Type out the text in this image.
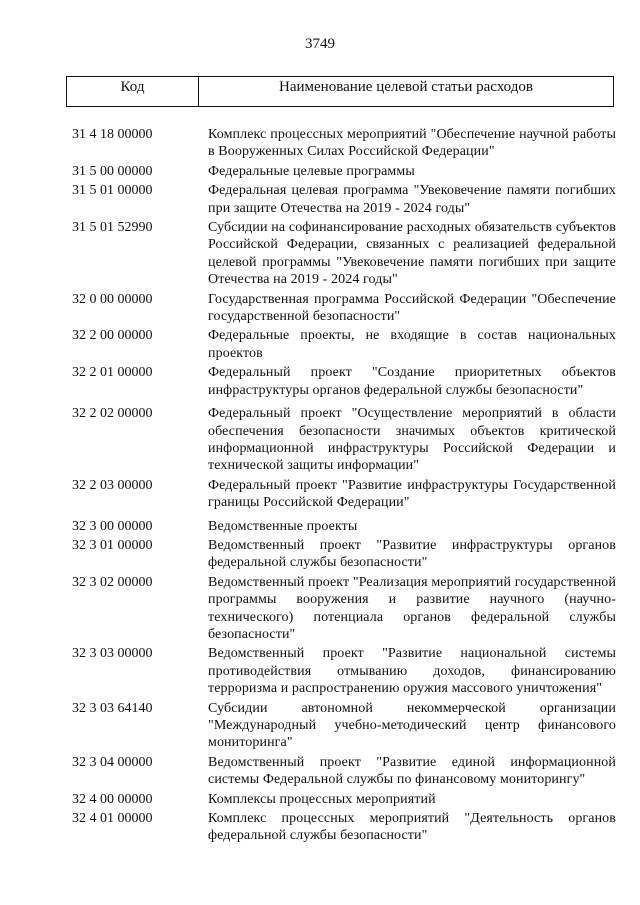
3749
Код	Наименование целевой статьи расходов
31 4 18 00000	Комплекс процессных мероприятий "Обеспечение научной работы в Вооруженных Силах Российской Федерации"
31 5 00 00000	Федеральные целевые программы
31 5 01 00000	Федеральная целевая программа "Увековечение памяти погибших при защите Отечества на 2019 - 2024 годы"
31 5 01 52990	Субсидии на софинансирование расходных обязательств субъектов Российской Федерации, связанных с реализацией федеральной целевой программы "Увековечение памяти погибших при защите Отечества на 2019 - 2024 годы"
32 0 00 00000	Государственная программа Российской Федерации "Обеспечение государственной безопасности"
32 2 00 00000	Федеральные проекты, не входящие в состав национальных проектов
32 2 01 00000	Федеральный проект "Создание приоритетных объектов инфраструктуры органов федеральной службы безопасности"
32 2 02 00000	Федеральный проект "Осуществление мероприятий в области обеспечения безопасности значимых объектов критической информационной инфраструктуры Российской Федерации и технической защиты информации"
32 2 03 00000	Федеральный проект "Развитие инфраструктуры Государственной границы Российской Федерации"
32 3 00 00000	Ведомственные проекты
32 3 01 00000	Ведомственный проект "Развитие инфраструктуры органов федеральной службы безопасности"
32 3 02 00000	Ведомственный проект "Реализация мероприятий государственной программы вооружения и развитие научного (научно-технического) потенциала органов федеральной службы безопасности"
32 3 03 00000	Ведомственный проект "Развитие национальной системы противодействия отмыванию доходов, финансированию терроризма и распространению оружия массового уничтожения"
32 3 03 64140	Субсидии автономной некоммерческой организации "Международный учебно-методический центр финансового мониторинга"
32 3 04 00000	Ведомственный проект "Развитие единой информационной системы Федеральной службы по финансовому мониторингу"
32 4 00 00000	Комплексы процессных мероприятий
32 4 01 00000	Комплекс процессных мероприятий "Деятельность органов федеральной службы безопасности"
